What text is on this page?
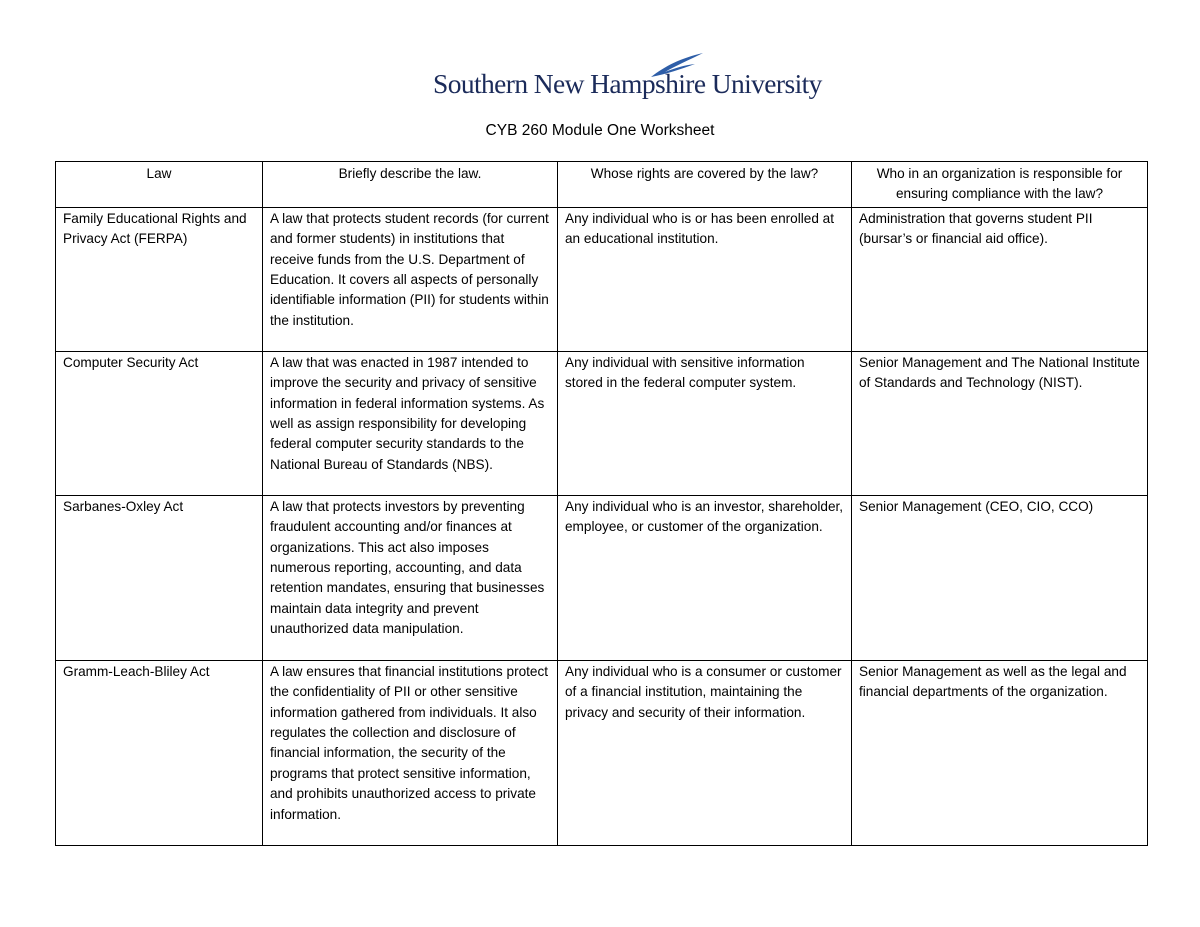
Southern New Hampshire University
CYB 260 Module One Worksheet
Law	Briefly describe the law.	Whose rights are covered by the law?	Who in an organization is responsible for ensuring compliance with the law?
Family Educational Rights and Privacy Act (FERPA)	A law that protects student records (for current and former students) in institutions that receive funds from the U.S. Department of Education. It covers all aspects of personally identifiable information (PII) for students within the institution.	Any individual who is or has been enrolled at an educational institution.	Administration that governs student PII (bursar’s or financial aid office).
Computer Security Act	A law that was enacted in 1987 intended to improve the security and privacy of sensitive information in federal information systems. As well as assign responsibility for developing federal computer security standards to the National Bureau of Standards (NBS).	Any individual with sensitive information stored in the federal computer system.	Senior Management and The National Institute of Standards and Technology (NIST).
Sarbanes-Oxley Act	A law that protects investors by preventing fraudulent accounting and/or finances at organizations. This act also imposes numerous reporting, accounting, and data retention mandates, ensuring that businesses maintain data integrity and prevent unauthorized data manipulation.	Any individual who is an investor, shareholder, employee, or customer of the organization.	Senior Management (CEO, CIO, CCO)
Gramm-Leach-Bliley Act	A law ensures that financial institutions protect the confidentiality of PII or other sensitive information gathered from individuals. It also regulates the collection and disclosure of financial information, the security of the programs that protect sensitive information, and prohibits unauthorized access to private information.	Any individual who is a consumer or customer of a financial institution, maintaining the privacy and security of their information.	Senior Management as well as the legal and financial departments of the organization.
